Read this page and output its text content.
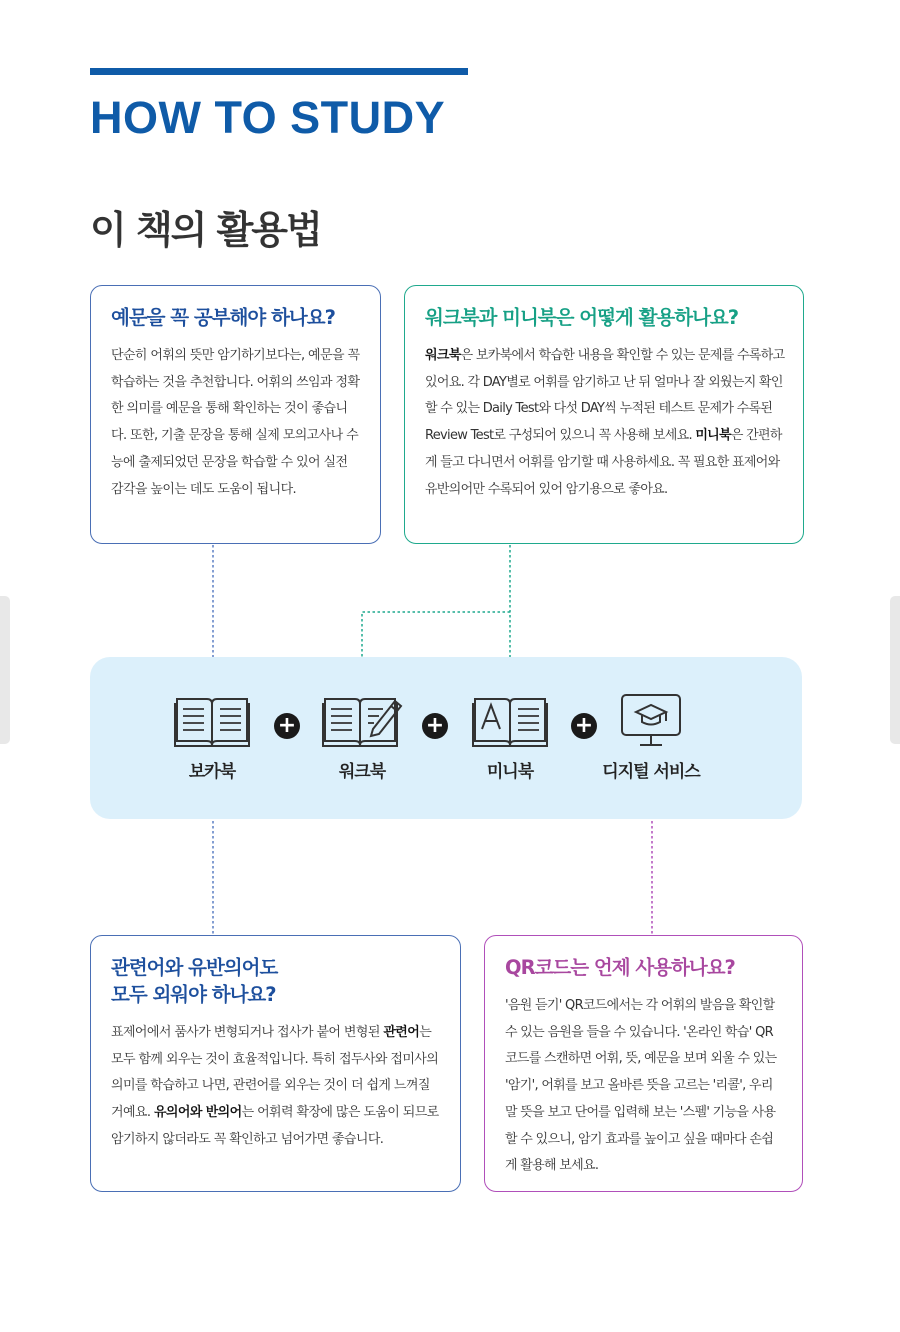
HOW TO STUDY
이 책의 활용법
예문을 꼭 공부해야 하나요?

단순히 어휘의 뜻만 암기하기보다는, 예문을 꼭 학습하는 것을 추천합니다. 어휘의 쓰임과 정확한 의미를 예문을 통해 확인하는 것이 좋습니다. 또한, 기출 문장을 통해 실제 모의고사나 수능에 출제되었던 문장을 학습할 수 있어 실전 감각을 높이는 데도 도움이 됩니다.

워크북과 미니북은 어떻게 활용하나요?

워크북은 보카북에서 학습한 내용을 확인할 수 있는 문제를 수록하고 있어요. 각 DAY별로 어휘를 암기하고 난 뒤 얼마나 잘 외웠는지 확인할 수 있는 Daily Test와 다섯 DAY씩 누적된 테스트 문제가 수록된 Review Test로 구성되어 있으니 꼭 사용해 보세요. 미니북은 간편하게 들고 다니면서 어휘를 암기할 때 사용하세요. 꼭 필요한 표제어와 유반의어만 수록되어 있어 암기용으로 좋아요.

보카북
+
워크북
+
미니북
+
디지털 서비스
관련어와 유반의어도
모두 외워야 하나요?

표제어에서 품사가 변형되거나 접사가 붙어 변형된 관련어는 모두 함께 외우는 것이 효율적입니다. 특히 접두사와 접미사의 의미를 학습하고 나면, 관련어를 외우는 것이 더 쉽게 느껴질 거예요. 유의어와 반의어는 어휘력 확장에 많은 도움이 되므로 암기하지 않더라도 꼭 확인하고 넘어가면 좋습니다.

QR코드는 언제 사용하나요?

'음원 듣기' QR코드에서는 각 어휘의 발음을 확인할 수 있는 음원을 들을 수 있습니다. '온라인 학습' QR코드를 스캔하면 어휘, 뜻, 예문을 보며 외울 수 있는 '암기', 어휘를 보고 올바른 뜻을 고르는 '리콜', 우리말 뜻을 보고 단어를 입력해 보는 '스펠' 기능을 사용할 수 있으니, 암기 효과를 높이고 싶을 때마다 손쉽게 활용해 보세요.
